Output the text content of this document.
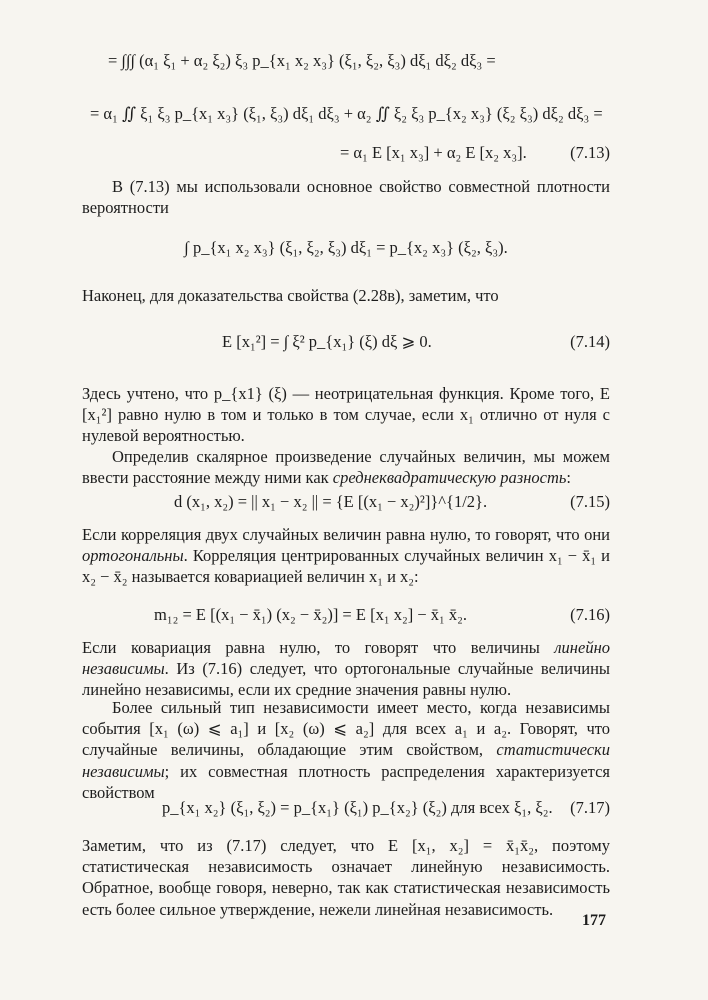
= ∫∫∫ (α₁ ξ₁ + α₂ ξ₂) ξ₃ p_{x₁ x₂ x₃} (ξ₁, ξ₂, ξ₃) dξ₁ dξ₂ dξ₃ =
= α₁ ∬ ξ₁ ξ₃ p_{x₁ x₃} (ξ₁, ξ₃) dξ₁ dξ₃ + α₂ ∬ ξ₂ ξ₃ p_{x₂ x₃} (ξ₂ ξ₃) dξ₂ dξ₃ =
= α₁ E [x₁ x₃] + α₂ E [x₂ x₃].	(7.13)

В (7.13) мы использовали основное свойство совместной плотности вероятности

∫ p_{x₁ x₂ x₃} (ξ₁, ξ₂, ξ₃) dξ₁ = p_{x₂ x₃} (ξ₂, ξ₃).

Наконец, для доказательства свойства (2.28в), заметим, что

E [x₁²] = ∫ ξ² p_{x₁} (ξ) dξ ⩾ 0.	(7.14)

Здесь учтено, что p_{x1} (ξ) — неотрицательная функция. Кроме того, E [x₁²] равно нулю в том и только в том случае, если x₁ отлично от нуля с нулевой вероятностью.

Определив скалярное произведение случайных величин, мы можем ввести расстояние между ними как среднеквадратическую разность:

d (x₁, x₂) = || x₁ − x₂ || = {E [(x₁ − x₂)²]}^{1/2}.	(7.15)

Если корреляция двух случайных величин равна нулю, то говорят, что они ортогональны. Корреляция центрированных случайных величин x₁ − x̄₁ и x₂ − x̄₂ называется ковариацией величин x₁ и x₂:

m₁₂ = E [(x₁ − x̄₁) (x₂ − x̄₂)] = E [x₁ x₂] − x̄₁ x̄₂.	(7.16)

Если ковариация равна нулю, то говорят что величины линейно независимы. Из (7.16) следует, что ортогональные случайные величины линейно независимы, если их средние значения равны нулю.

Более сильный тип независимости имеет место, когда независимы события [x₁ (ω) ⩽ a₁] и [x₂ (ω) ⩽ a₂] для всех a₁ и a₂. Говорят, что случайные величины, обладающие этим свойством, статистически независимы; их совместная плотность распределения характеризуется свойством

p_{x₁ x₂} (ξ₁, ξ₂) = p_{x₁} (ξ₁) p_{x₂} (ξ₂) для всех ξ₁, ξ₂. (7.17)

Заметим, что из (7.17) следует, что E [x₁, x₂] = x̄₁x̄₂, поэтому статистическая независимость означает линейную независимость. Обратное, вообще говоря, неверно, так как статистическая независимость есть более сильное утверждение, нежели линейная независимость.

177
